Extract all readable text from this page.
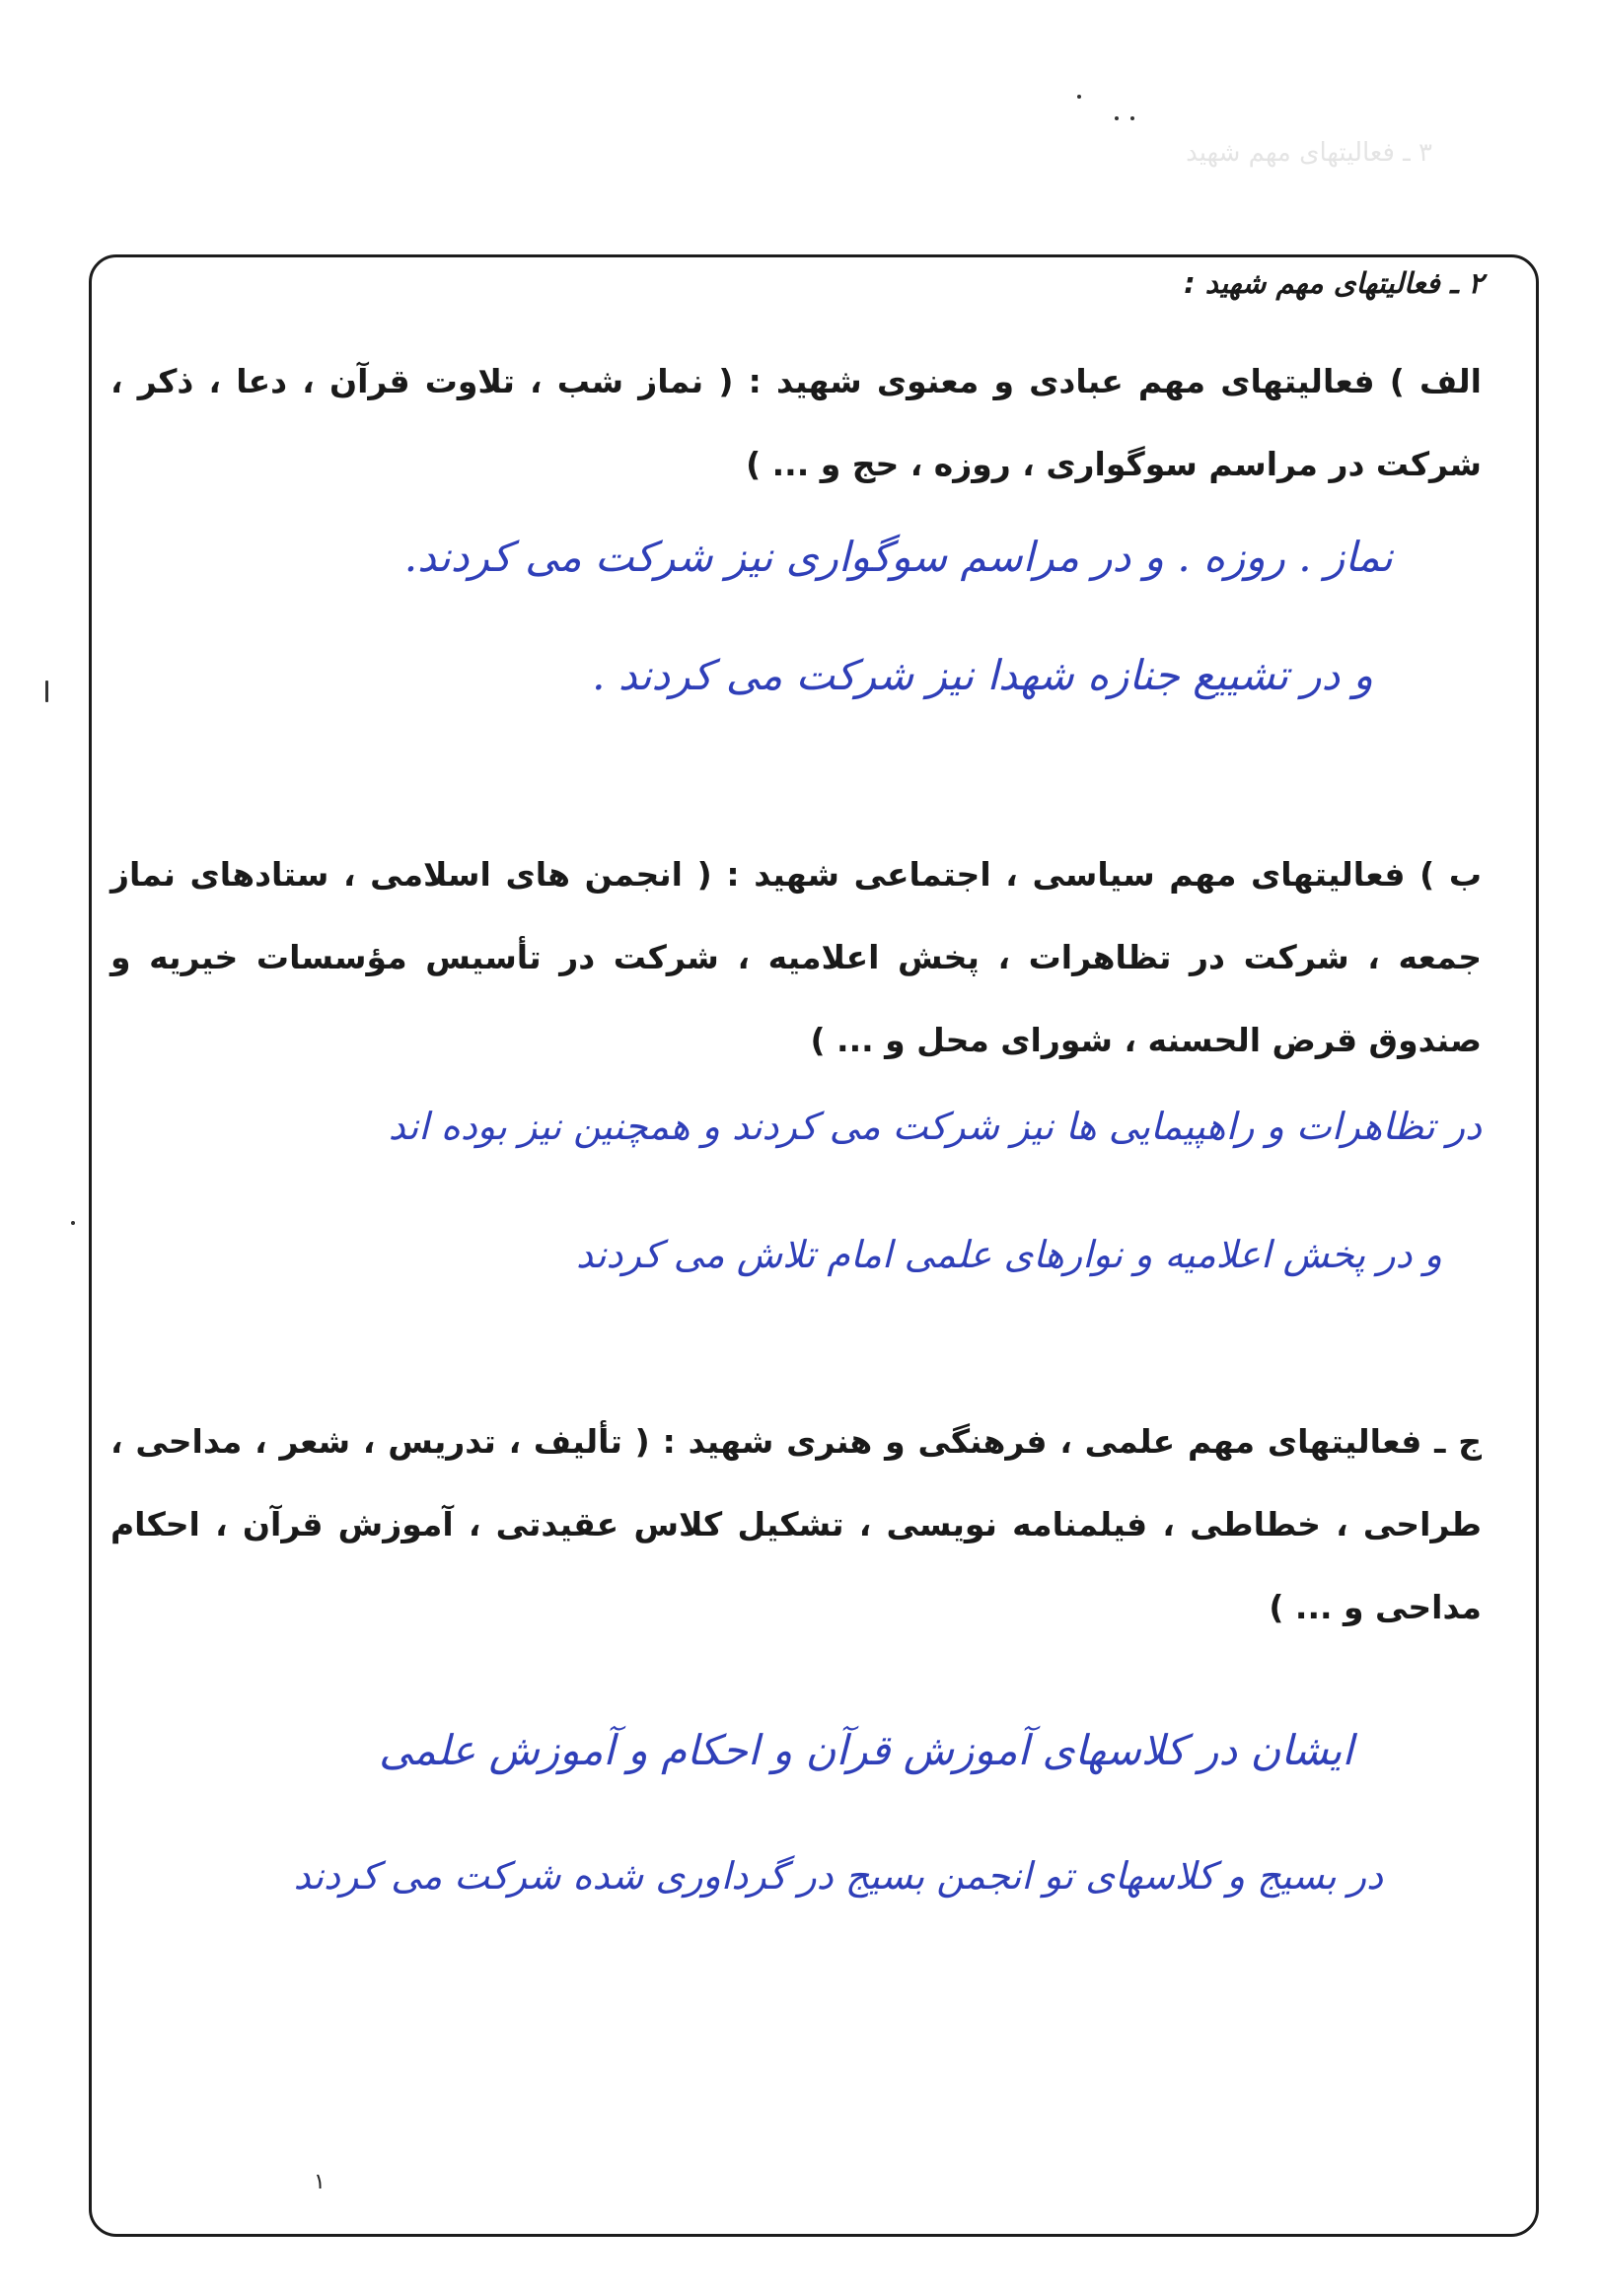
۳ ـ فعالیتهای مهم شهید
۲ ـ فعالیتهای مهم شهید :

الف ) فعالیتهای مهم عبادی و معنوی شهید : ( نماز شب ، تلاوت قرآن ، دعا ، ذکر ، شرکت در مراسم سوگواری ، روزه ، حج و ... )

نماز . روزه . و در مراسم سوگواری نیز شرکت می کردند.

و در تشییع جنازه شهدا نیز شرکت می کردند .

ب ) فعالیتهای مهم سیاسی ، اجتماعی شهید : ( انجمن های اسلامی ، ستادهای نماز جمعه ، شرکت در تظاهرات ، پخش اعلامیه ، شرکت در تأسیس مؤسسات خیریه و صندوق قرض الحسنه ، شورای محل و ... )

در تظاهرات و راهپیمایی ها نیز شرکت می کردند و همچنین نیز بوده اند

و در پخش اعلامیه و نوارهای علمی امام تلاش می کردند

ج ـ فعالیتهای مهم علمی ، فرهنگی و هنری شهید : ( تألیف ، تدریس ، شعر ، مداحی ، طراحی ، خطاطی ، فیلمنامه نویسی ، تشکیل کلاس عقیدتی ، آموزش قرآن ، احکام مداحی و ... )

ایشان در کلاسهای آموزش قرآن و احکام و آموزش علمی

در بسیج و کلاسهای تو انجمن بسیج در گرداوری شده شرکت می کردند

۱
